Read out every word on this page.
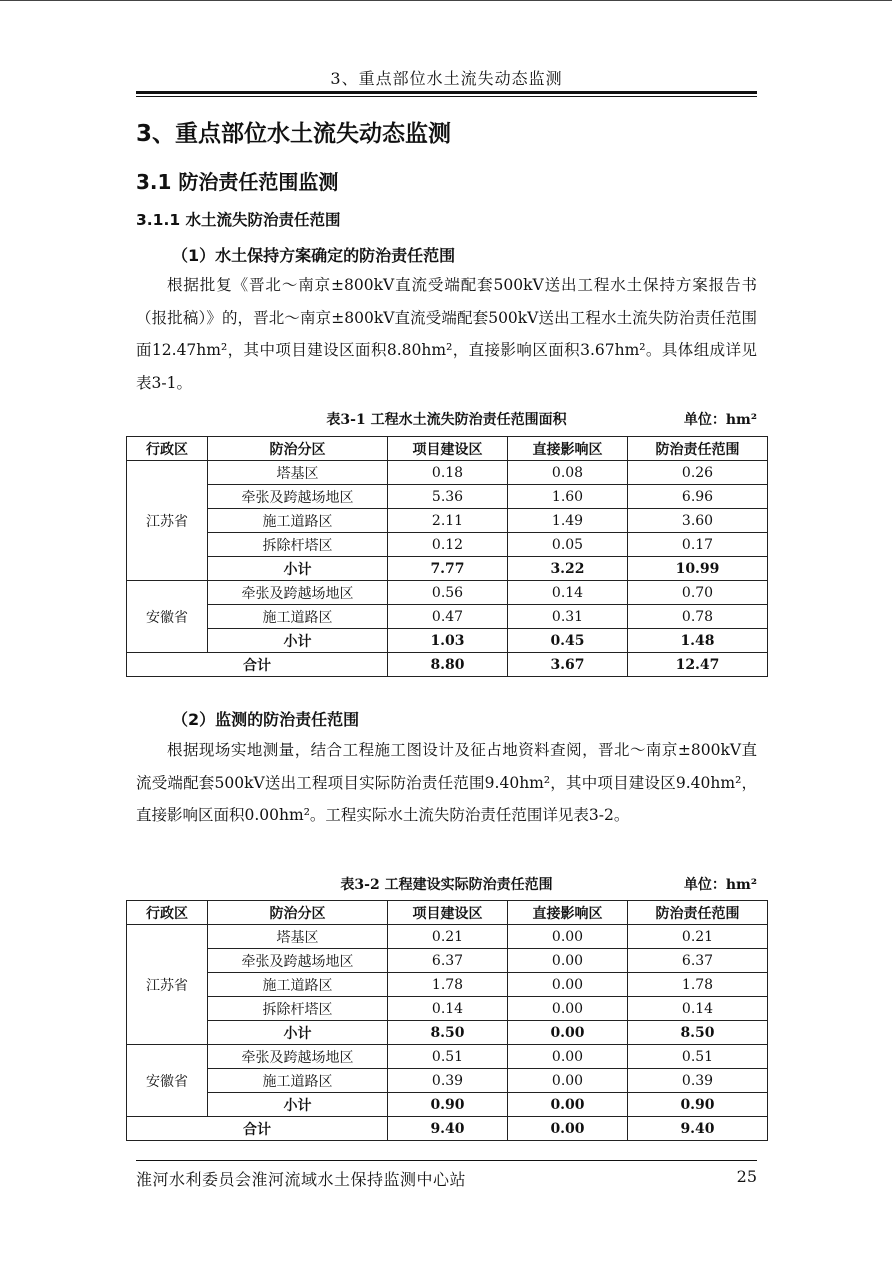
3、重点部位水土流失动态监测
3、重点部位水土流失动态监测
3.1 防治责任范围监测
3.1.1 水土流失防治责任范围
（1）水土保持方案确定的防治责任范围

根据批复《晋北～南京±800kV直流受端配套500kV送出工程水土保持方案报告书（报批稿）》的，晋北～南京±800kV直流受端配套500kV送出工程水土流失防治责任范围面12.47hm²，其中项目建设区面积8.80hm²，直接影响区面积3.67hm²。具体组成详见表3-1。

表3-1 工程水土流失防治责任范围面积	单位：hm²
行政区	防治分区	项目建设区	直接影响区	防治责任范围
江苏省	塔基区	0.18	0.08	0.26
	牵张及跨越场地区	5.36	1.60	6.96
	施工道路区	2.11	1.49	3.60
	拆除杆塔区	0.12	0.05	0.17
	小计	7.77	3.22	10.99
安徽省	牵张及跨越场地区	0.56	0.14	0.70
	施工道路区	0.47	0.31	0.78
	小计	1.03	0.45	1.48
合计		8.80	3.67	12.47
（2）监测的防治责任范围

根据现场实地测量，结合工程施工图设计及征占地资料查阅，晋北～南京±800kV直流受端配套500kV送出工程项目实际防治责任范围9.40hm²，其中项目建设区9.40hm²，直接影响区面积0.00hm²。工程实际水土流失防治责任范围详见表3-2。

表3-2 工程建设实际防治责任范围	单位：hm²
行政区	防治分区	项目建设区	直接影响区	防治责任范围
江苏省	塔基区	0.21	0.00	0.21
	牵张及跨越场地区	6.37	0.00	6.37
	施工道路区	1.78	0.00	1.78
	拆除杆塔区	0.14	0.00	0.14
	小计	8.50	0.00	8.50
安徽省	牵张及跨越场地区	0.51	0.00	0.51
	施工道路区	0.39	0.00	0.39
	小计	0.90	0.00	0.90
合计		9.40	0.00	9.40
淮河水利委员会淮河流域水土保持监测中心站	25
